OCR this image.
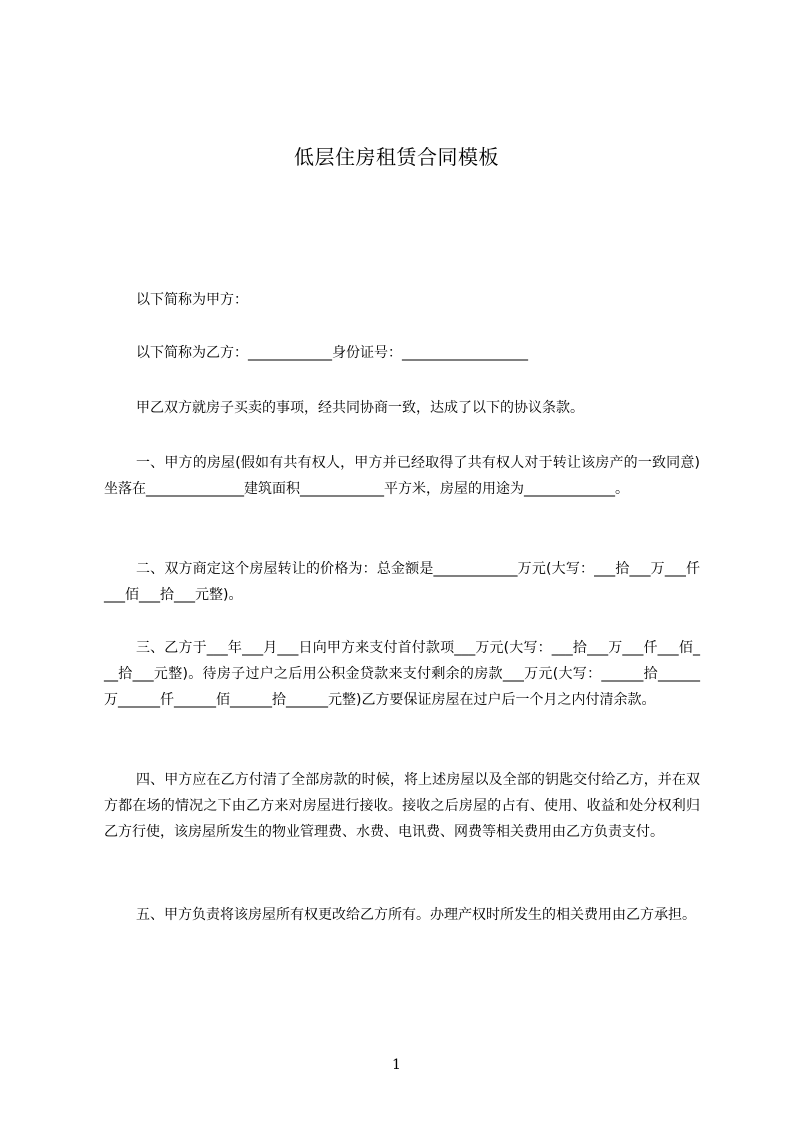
低层住房租赁合同模板

以下简称为甲方：

以下简称为乙方：____________身份证号：__________________

甲乙双方就房子买卖的事项，经共同协商一致，达成了以下的协议条款。

一、甲方的房屋(假如有共有权人，甲方并已经取得了共有权人对于转让该房产的一致同意)坐落在______________建筑面积____________平方米，房屋的用途为_____________。

二、双方商定这个房屋转让的价格为：总金额是____________万元(大写：___拾___万___仟___佰___拾___元整)。

三、乙方于___年___月___日向甲方来支付首付款项___万元(大写：___拾___万___仟___佰___拾___元整)。待房子过户之后用公积金贷款来支付剩余的房款___万元(大写：______拾______万______仟______佰______拾______元整)乙方要保证房屋在过户后一个月之内付清余款。

四、甲方应在乙方付清了全部房款的时候，将上述房屋以及全部的钥匙交付给乙方，并在双方都在场的情况之下由乙方来对房屋进行接收。接收之后房屋的占有、使用、收益和处分权利归乙方行使，该房屋所发生的物业管理费、水费、电讯费、网费等相关费用由乙方负责支付。

五、甲方负责将该房屋所有权更改给乙方所有。办理产权时所发生的相关费用由乙方承担。

1
